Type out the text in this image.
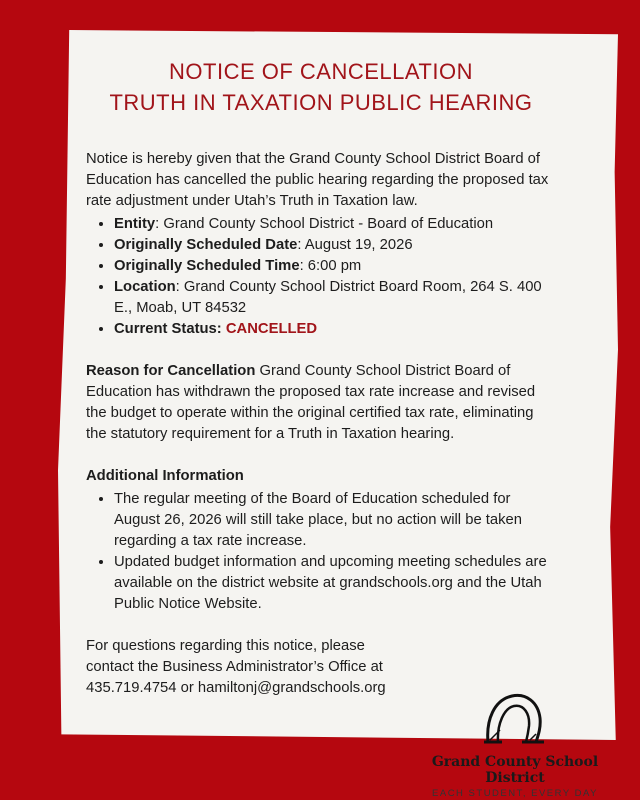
NOTICE OF CANCELLATION
TRUTH IN TAXATION PUBLIC HEARING

Notice is hereby given that the Grand County School District Board of Education has cancelled the public hearing regarding the proposed tax rate adjustment under Utah’s Truth in Taxation law.

• Entity: Grand County School District - Board of Education
• Originally Scheduled Date: August 19, 2026
• Originally Scheduled Time: 6:00 pm
• Location: Grand County School District Board Room, 264 S. 400 E., Moab, UT 84532
• Current Status: CANCELLED

Reason for Cancellation Grand County School District Board of Education has withdrawn the proposed tax rate increase and revised the budget to operate within the original certified tax rate, eliminating the statutory requirement for a Truth in Taxation hearing.

Additional Information

• The regular meeting of the Board of Education scheduled for August 26, 2026 will still take place, but no action will be taken regarding a tax rate increase.
• Updated budget information and upcoming meeting schedules are available on the district website at grandschools.org and the Utah Public Notice Website.

For questions regarding this notice, please contact the Business Administrator’s Office at 435.719.4754 or hamiltonj@grandschools.org

Grand County School District
EACH STUDENT, EVERY DAY
